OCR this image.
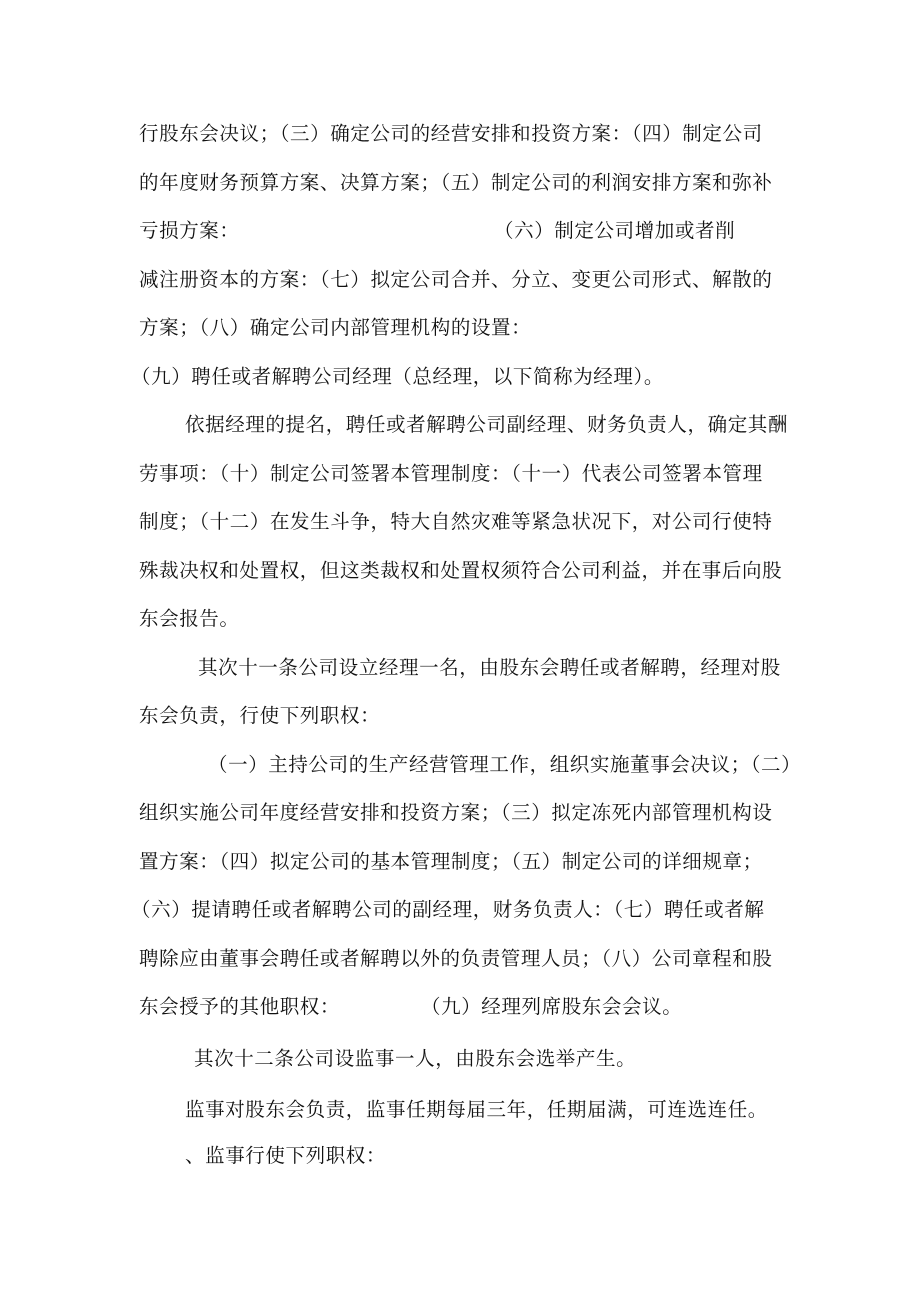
行股东会决议；（三）确定公司的经营安排和投资方案：（四）制定公司
的年度财务预算方案、决算方案；（五）制定公司的利润安排方案和弥补
亏损方案：	（六）制定公司增加或者削
减注册资本的方案：（七）拟定公司合并、分立、变更公司形式、解散的
方案；（八）确定公司内部管理机构的设置：
（九）聘任或者解聘公司经理（总经理，以下简称为经理）。
依据经理的提名，聘任或者解聘公司副经理、财务负责人，确定其酬
劳事项：（十）制定公司签署本管理制度：（十一）代表公司签署本管理
制度；（十二）在发生斗争，特大自然灾难等紧急状况下，对公司行使特
殊裁决权和处置权，但这类裁权和处置权须符合公司利益，并在事后向股
东会报告。
其次十一条公司设立经理一名，由股东会聘任或者解聘，经理对股
东会负责，行使下列职权：
（一）主持公司的生产经营管理工作，组织实施董事会决议；（二）
组织实施公司年度经营安排和投资方案；（三）拟定冻死内部管理机构设
置方案：（四）拟定公司的基本管理制度；（五）制定公司的详细规章；
（六）提请聘任或者解聘公司的副经理，财务负责人：（七）聘任或者解
聘除应由董事会聘任或者解聘以外的负责管理人员；（八）公司章程和股
东会授予的其他职权：	（九）经理列席股东会会议。
其次十二条公司设监事一人，由股东会选举产生。
监事对股东会负责，监事任期每届三年，任期届满，可连选连任。
、监事行使下列职权：
